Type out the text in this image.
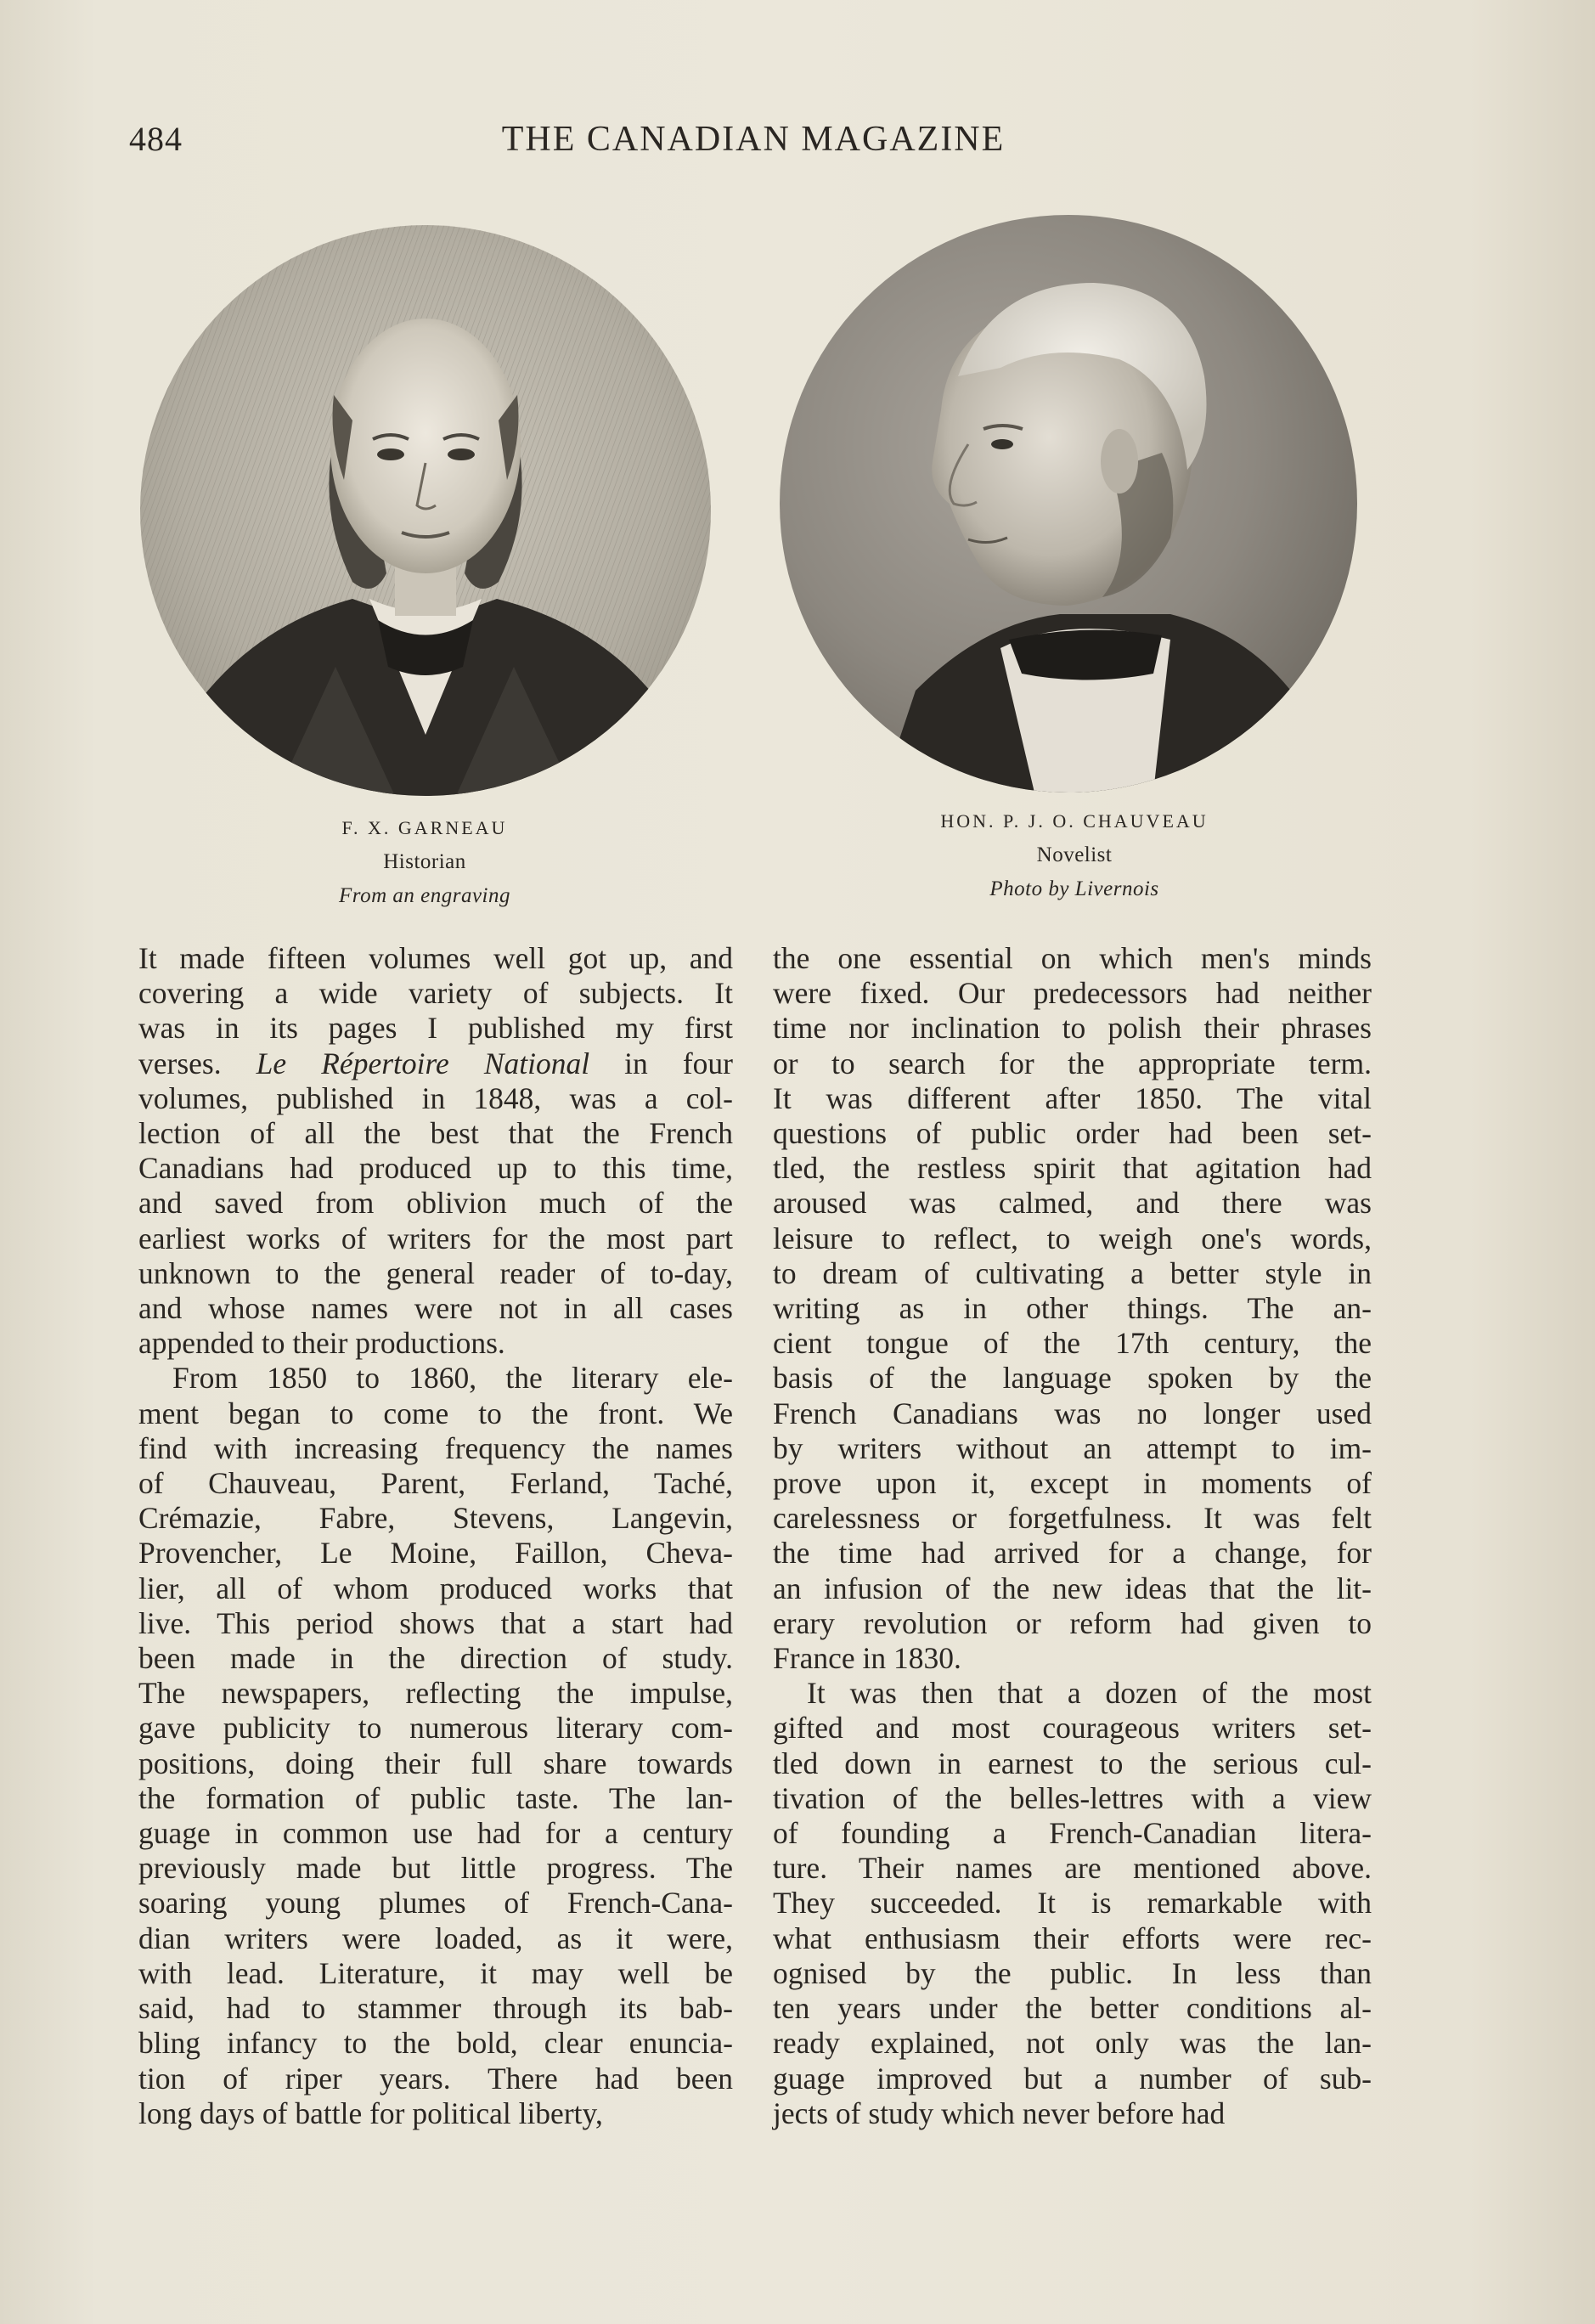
484	THE CANADIAN MAGAZINE
F. X. GARNEAU
Historian
From an engraving
HON. P. J. O. CHAUVEAU
Novelist
Photo by Livernois
It made fifteen volumes well got up, and
covering a wide variety of subjects. It
was in its pages I published my first
verses. Le Répertoire National in four
volumes, published in 1848, was a col-
lection of all the best that the French
Canadians had produced up to this time,
and saved from oblivion much of the
earliest works of writers for the most part
unknown to the general reader of to-day,
and whose names were not in all cases
appended to their productions.
From 1850 to 1860, the literary ele-
ment began to come to the front. We
find with increasing frequency the names
of Chauveau, Parent, Ferland, Taché,
Crémazie, Fabre, Stevens, Langevin,
Provencher, Le Moine, Faillon, Cheva-
lier, all of whom produced works that
live. This period shows that a start had
been made in the direction of study.
The newspapers, reflecting the impulse,
gave publicity to numerous literary com-
positions, doing their full share towards
the formation of public taste. The lan-
guage in common use had for a century
previously made but little progress. The
soaring young plumes of French-Cana-
dian writers were loaded, as it were,
with lead. Literature, it may well be
said, had to stammer through its bab-
bling infancy to the bold, clear enuncia-
tion of riper years. There had been
long days of battle for political liberty,
the one essential on which men's minds
were fixed. Our predecessors had neither
time nor inclination to polish their phrases
or to search for the appropriate term.
It was different after 1850. The vital
questions of public order had been set-
tled, the restless spirit that agitation had
aroused was calmed, and there was
leisure to reflect, to weigh one's words,
to dream of cultivating a better style in
writing as in other things. The an-
cient tongue of the 17th century, the
basis of the language spoken by the
French Canadians was no longer used
by writers without an attempt to im-
prove upon it, except in moments of
carelessness or forgetfulness. It was felt
the time had arrived for a change, for
an infusion of the new ideas that the lit-
erary revolution or reform had given to
France in 1830.
It was then that a dozen of the most
gifted and most courageous writers set-
tled down in earnest to the serious cul-
tivation of the belles-lettres with a view
of founding a French-Canadian litera-
ture. Their names are mentioned above.
They succeeded. It is remarkable with
what enthusiasm their efforts were rec-
ognised by the public. In less than
ten years under the better conditions al-
ready explained, not only was the lan-
guage improved but a number of sub-
jects of study which never before had
